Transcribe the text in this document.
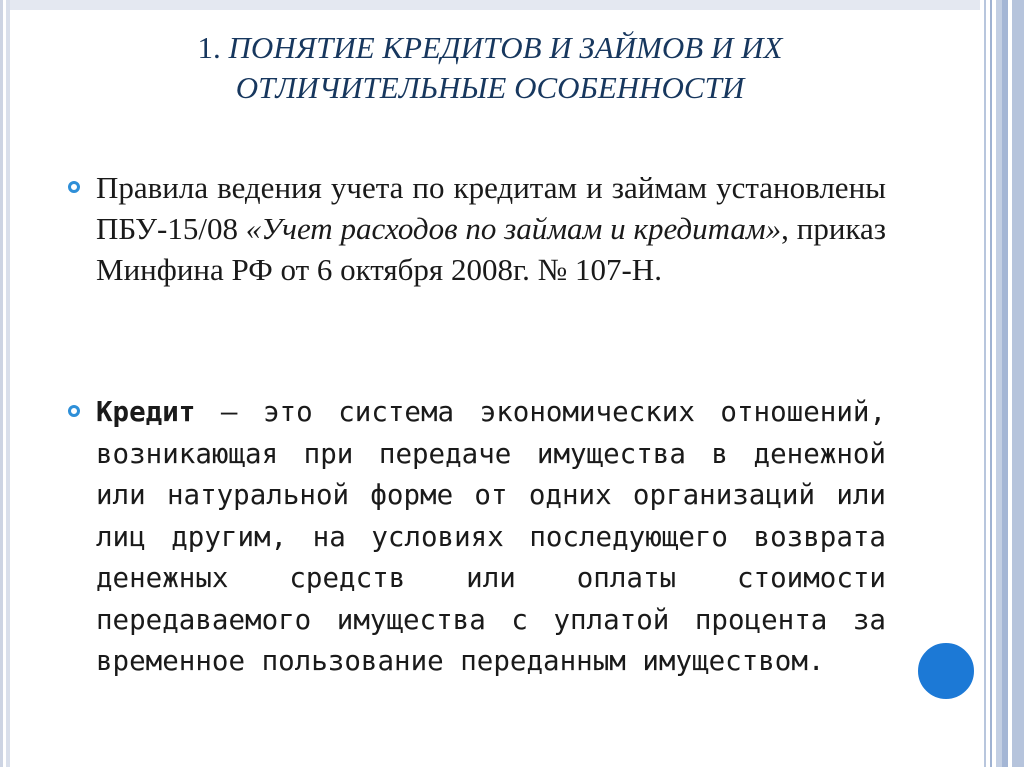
1. ПОНЯТИЕ КРЕДИТОВ И ЗАЙМОВ И ИХ ОТЛИЧИТЕЛЬНЫЕ ОСОБЕННОСТИ
Правила ведения учета по кредитам и займам установлены ПБУ-15/08 «Учет расходов по займам и кредитам», приказ Минфина РФ от 6 октября 2008г. № 107-Н.
Кредит – это система экономических отношений, возникающая при передаче имущества в денежной или натуральной форме от одних организаций или лиц другим, на условиях последующего возврата денежных средств или оплаты стоимости передаваемого имущества с уплатой процента за временное пользование переданным имуществом.
